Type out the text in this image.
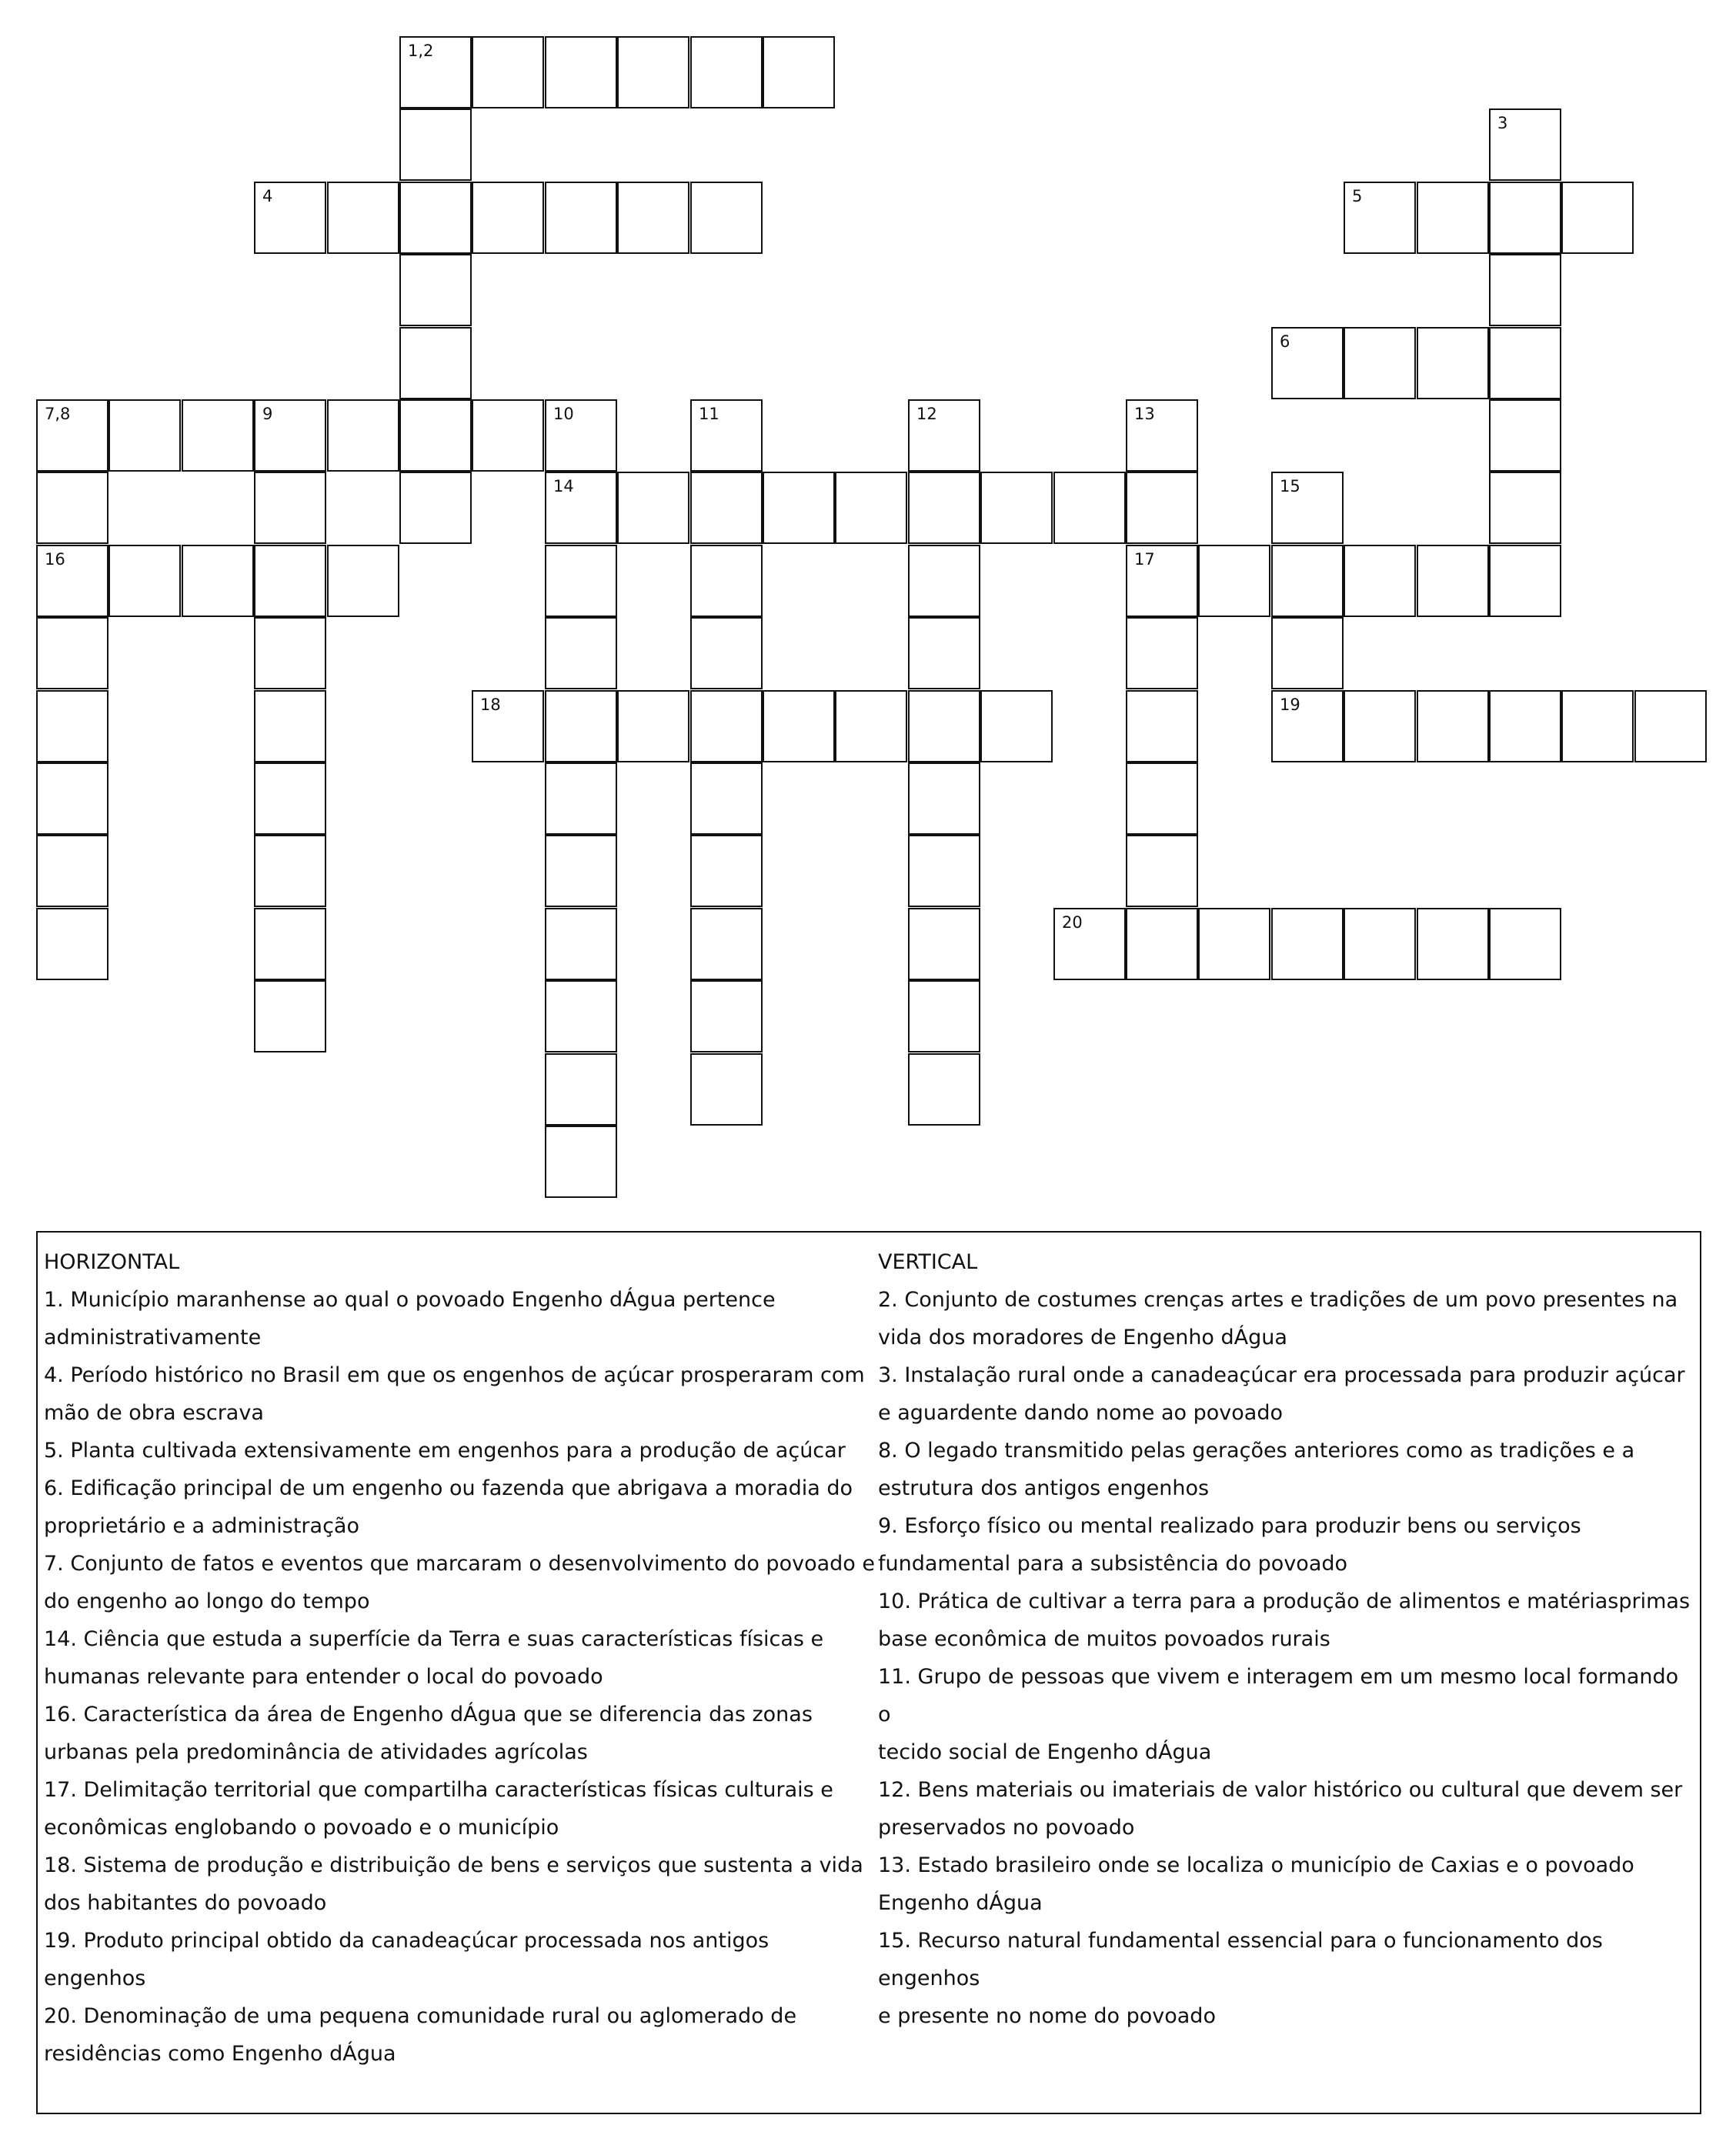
1,2
4	5
6
7,8	9	10
14
16	17
18	19
20
3
11	12	13
15

HORIZONTAL

1. Município maranhense ao qual o povoado Engenho dÁgua pertence

administrativamente

4. Período histórico no Brasil em que os engenhos de açúcar prosperaram com

mão de obra escrava

5. Planta cultivada extensivamente em engenhos para a produção de açúcar

6. Edificação principal de um engenho ou fazenda que abrigava a moradia do

proprietário e a administração

7. Conjunto de fatos e eventos que marcaram o desenvolvimento do povoado e

do engenho ao longo do tempo

14. Ciência que estuda a superfície da Terra e suas características físicas e

humanas relevante para entender o local do povoado

16. Característica da área de Engenho dÁgua que se diferencia das zonas

urbanas pela predominância de atividades agrícolas

17. Delimitação territorial que compartilha características físicas culturais e

econômicas englobando o povoado e o município

18. Sistema de produção e distribuição de bens e serviços que sustenta a vida

dos habitantes do povoado

19. Produto principal obtido da canadeaçúcar processada nos antigos

engenhos

20. Denominação de uma pequena comunidade rural ou aglomerado de

residências como Engenho dÁgua

VERTICAL

2. Conjunto de costumes crenças artes e tradições de um povo presentes na

vida dos moradores de Engenho dÁgua

3. Instalação rural onde a canadeaçúcar era processada para produzir açúcar

e aguardente dando nome ao povoado

8. O legado transmitido pelas gerações anteriores como as tradições e a

estrutura dos antigos engenhos

9. Esforço físico ou mental realizado para produzir bens ou serviços

fundamental para a subsistência do povoado

10. Prática de cultivar a terra para a produção de alimentos e matériasprimas

base econômica de muitos povoados rurais

11. Grupo de pessoas que vivem e interagem em um mesmo local formando o

tecido social de Engenho dÁgua

12. Bens materiais ou imateriais de valor histórico ou cultural que devem ser

preservados no povoado

13. Estado brasileiro onde se localiza o município de Caxias e o povoado

Engenho dÁgua

15. Recurso natural fundamental essencial para o funcionamento dos engenhos

e presente no nome do povoado
